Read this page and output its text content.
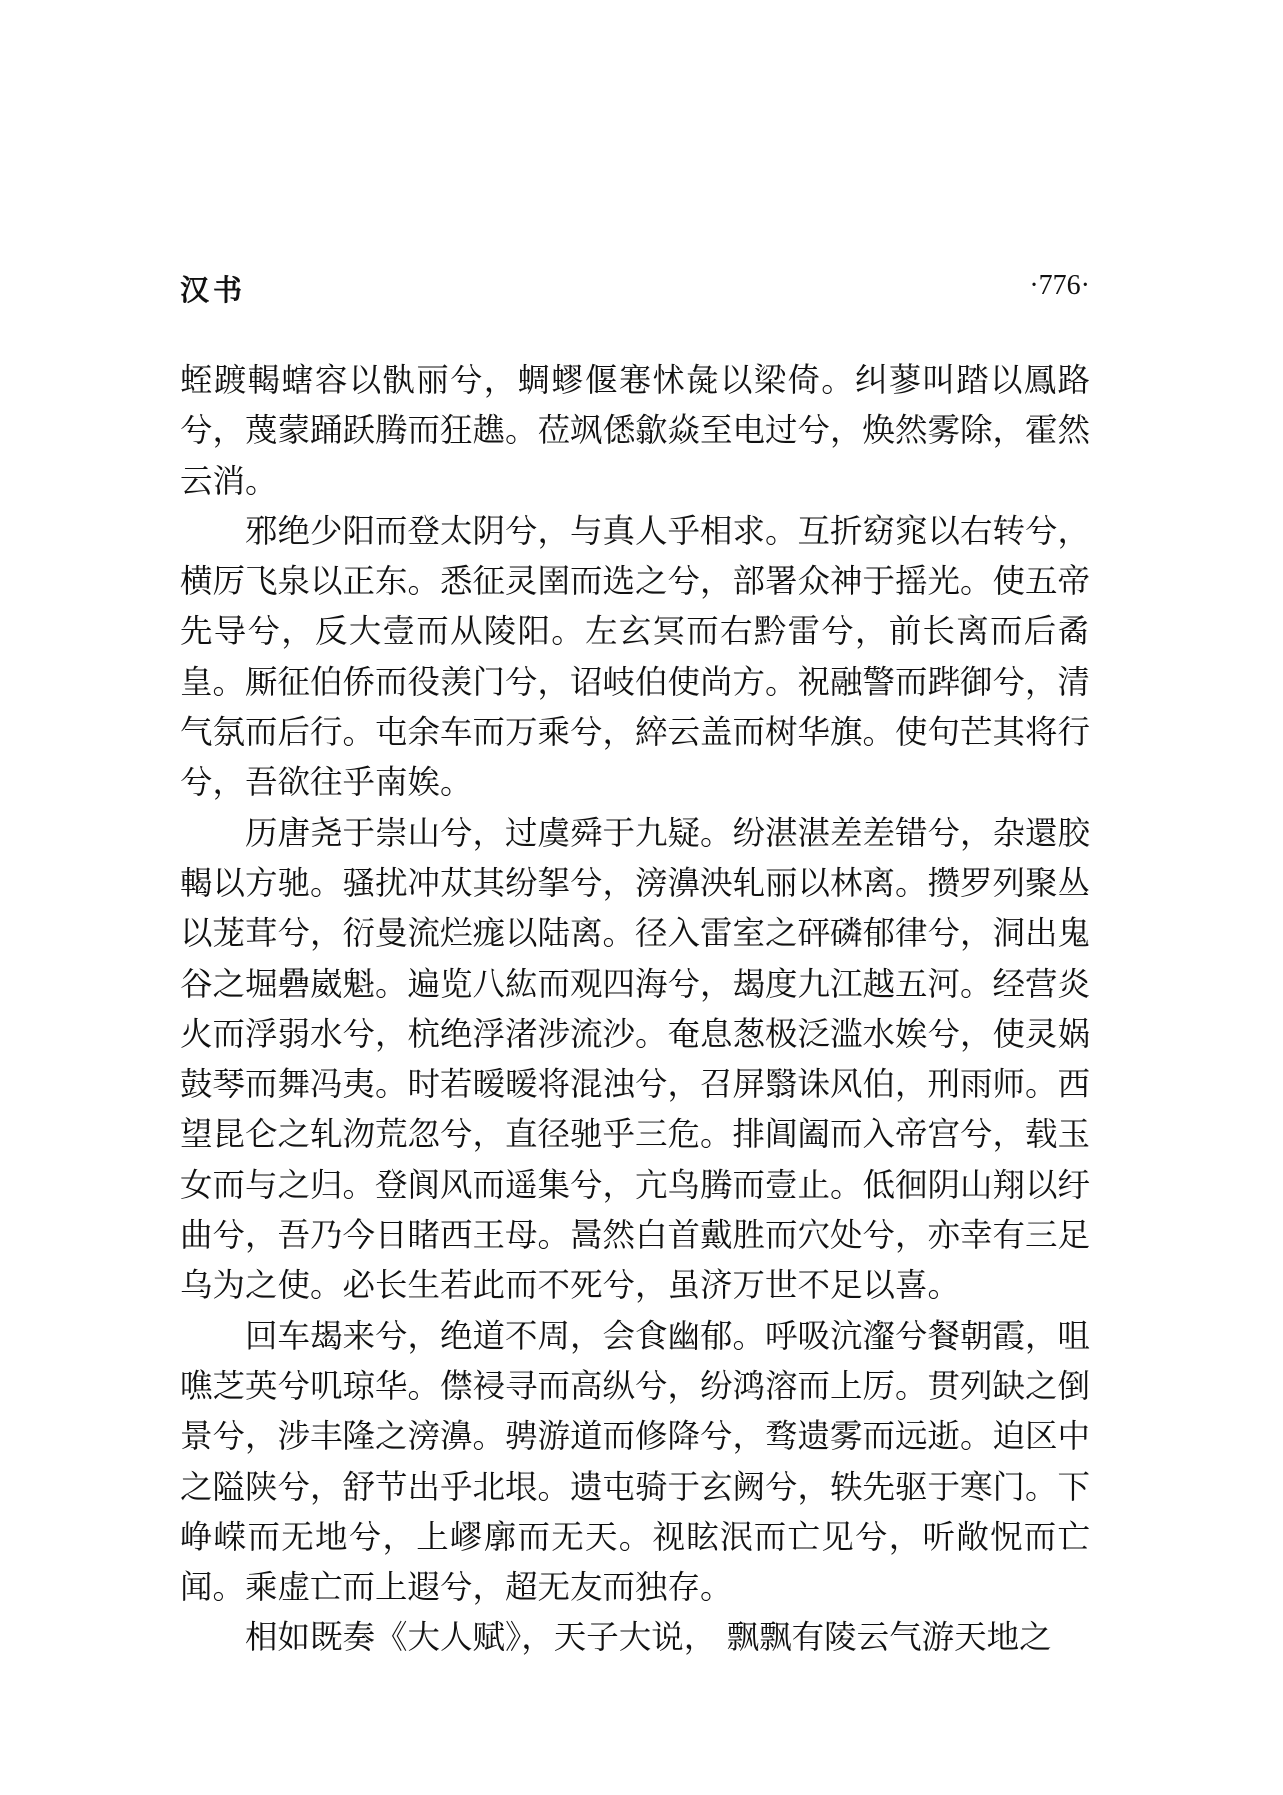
汉书	·776·

蛭踱輵螛容以骫丽兮，蜩蟉偃寋怵彘以梁倚。纠蓼叫踏以鳳路兮，蔑蒙踊跃腾而狂趭。莅飒僁歙焱至电过兮，焕然雾除，霍然云消。

邪绝少阳而登太阴兮，与真人乎相求。互折窈窕以右转兮，横厉飞泉以正东。悉征灵圉而选之兮，部署众神于摇光。使五帝先导兮，反大壹而从陵阳。左玄冥而右黔雷兮，前长离而后矞皇。厮征伯侨而役羡门兮，诏岐伯使尚方。祝融警而跸御兮，清气氛而后行。屯余车而万乘兮，綷云盖而树华旗。使句芒其将行兮，吾欲往乎南娭。

历唐尧于崇山兮，过虞舜于九疑。纷湛湛差差错兮，杂還胶輵以方驰。骚扰冲苁其纷挐兮，滂濞泱轧丽以林离。攒罗列聚丛以茏茸兮，衍曼流烂痝以陆离。径入雷室之砰磷郁律兮，洞出鬼谷之堀礨崴魁。遍览八紘而观四海兮，朅度九江越五河。经营炎火而浮弱水兮，杭绝浮渚涉流沙。奄息葱极泛滥水娭兮，使灵娲鼓琴而舞冯夷。时若暧暧将混浊兮，召屏翳诛风伯，刑雨师。西望昆仑之轧沕荒忽兮，直径驰乎三危。排阊阖而入帝宫兮，载玉女而与之归。登阆风而遥集兮，亢鸟腾而壹止。低徊阴山翔以纡曲兮，吾乃今日睹西王母。暠然白首戴胜而穴处兮，亦幸有三足乌为之使。必长生若此而不死兮，虽济万世不足以喜。

回车朅来兮，绝道不周，会食幽郁。呼吸沆瀣兮餐朝霞，咀噍芝英兮叽琼华。僸祲寻而高纵兮，纷鸿溶而上厉。贯列缺之倒景兮，涉丰隆之滂濞。骋游道而修降兮，骛遗雾而远逝。迫区中之隘陕兮，舒节出乎北垠。遗屯骑于玄阙兮，轶先驱于寒门。下峥嵘而无地兮，上嵺廓而无天。视眩泯而亡见兮，听敞怳而亡闻。乘虚亡而上遐兮，超无友而独存。

相如既奏《大人赋》，天子大说， 飘飘有陵云气游天地之
